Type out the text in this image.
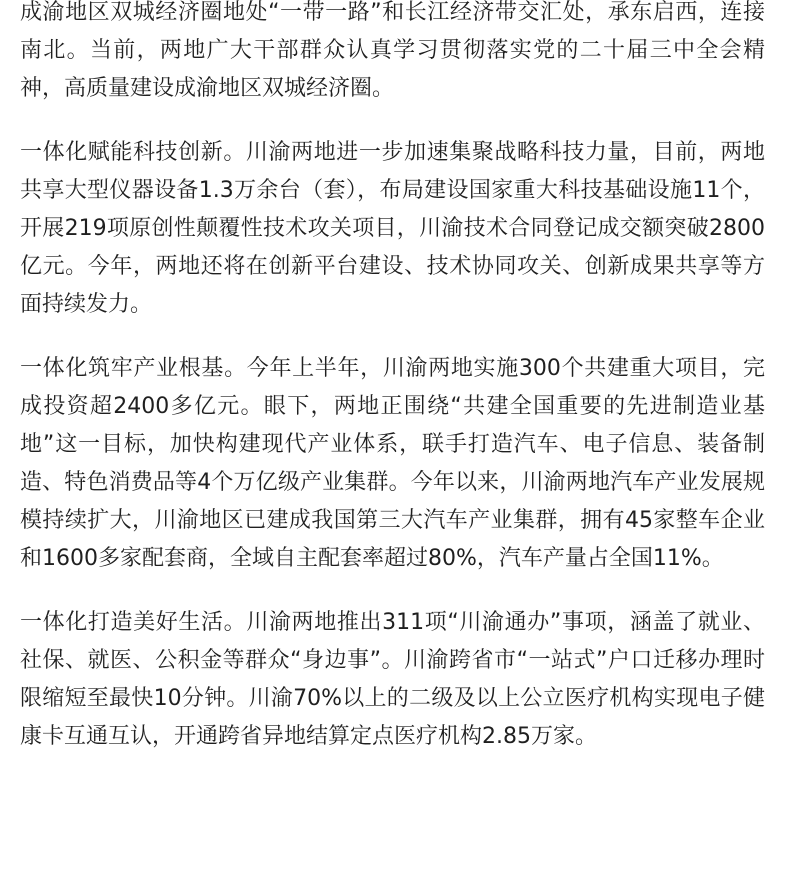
成渝地区双城经济圈地处“一带一路”和长江经济带交汇处，承东启西，连接南北。当前，两地广大干部群众认真学习贯彻落实党的二十届三中全会精神，高质量建设成渝地区双城经济圈。

一体化赋能科技创新。川渝两地进一步加速集聚战略科技力量，目前，两地共享大型仪器设备1.3万余台（套），布局建设国家重大科技基础设施11个，开展219项原创性颠覆性技术攻关项目，川渝技术合同登记成交额突破2800亿元。今年，两地还将在创新平台建设、技术协同攻关、创新成果共享等方面持续发力。

一体化筑牢产业根基。今年上半年，川渝两地实施300个共建重大项目，完成投资超2400多亿元。眼下，两地正围绕“共建全国重要的先进制造业基地”这一目标，加快构建现代产业体系，联手打造汽车、电子信息、装备制造、特色消费品等4个万亿级产业集群。今年以来，川渝两地汽车产业发展规模持续扩大，川渝地区已建成我国第三大汽车产业集群，拥有45家整车企业和1600多家配套商，全域自主配套率超过80%，汽车产量占全国11%。

一体化打造美好生活。川渝两地推出311项“川渝通办”事项，涵盖了就业、社保、就医、公积金等群众“身边事”。川渝跨省市“一站式”户口迁移办理时限缩短至最快10分钟。川渝70%以上的二级及以上公立医疗机构实现电子健康卡互通互认，开通跨省异地结算定点医疗机构2.85万家。
